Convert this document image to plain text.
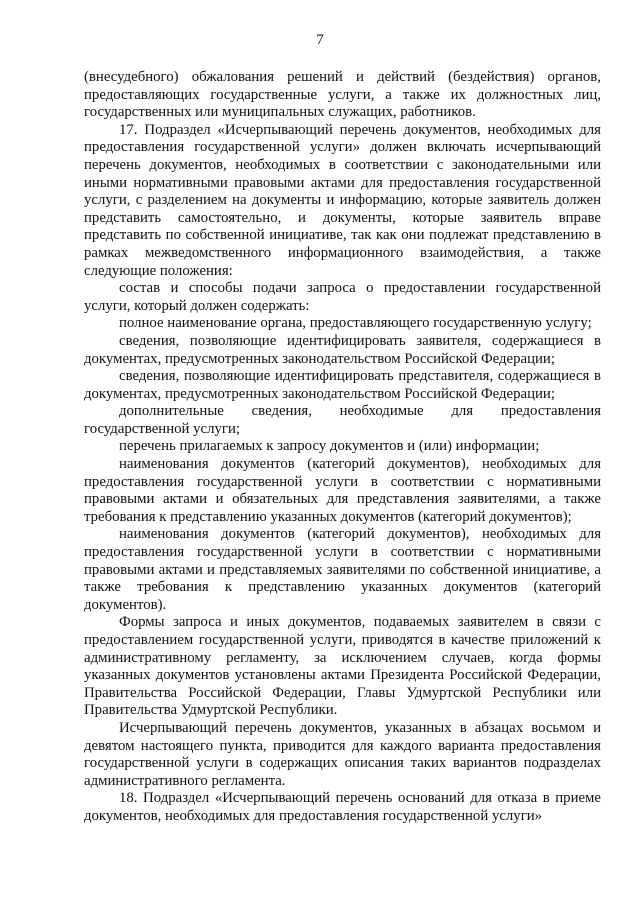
7

(внесудебного) обжалования решений и действий (бездействия) органов, предоставляющих государственные услуги, а также их должностных лиц, государственных или муниципальных служащих, работников.

17. Подраздел «Исчерпывающий перечень документов, необходимых для предоставления государственной услуги» должен включать исчерпывающий перечень документов, необходимых в соответствии с законодательными или иными нормативными правовыми актами для предоставления государственной услуги, с разделением на документы и информацию, которые заявитель должен представить самостоятельно, и документы, которые заявитель вправе представить по собственной инициативе, так как они подлежат представлению в рамках межведомственного информационного взаимодействия, а также следующие положения:

состав и способы подачи запроса о предоставлении государственной услуги, который должен содержать:

полное наименование органа, предоставляющего государственную услугу;

сведения, позволяющие идентифицировать заявителя, содержащиеся в документах, предусмотренных законодательством Российской Федерации;

сведения, позволяющие идентифицировать представителя, содержащиеся в документах, предусмотренных законодательством Российской Федерации;

дополнительные сведения, необходимые для предоставления государственной услуги;

перечень прилагаемых к запросу документов и (или) информации;

наименования документов (категорий документов), необходимых для предоставления государственной услуги в соответствии с нормативными правовыми актами и обязательных для представления заявителями, а также требования к представлению указанных документов (категорий документов);

наименования документов (категорий документов), необходимых для предоставления государственной услуги в соответствии с нормативными правовыми актами и представляемых заявителями по собственной инициативе, а также требования к представлению указанных документов (категорий документов).

Формы запроса и иных документов, подаваемых заявителем в связи с предоставлением государственной услуги, приводятся в качестве приложений к административному регламенту, за исключением случаев, когда формы указанных документов установлены актами Президента Российской Федерации, Правительства Российской Федерации, Главы Удмуртской Республики или Правительства Удмуртской Республики.

Исчерпывающий перечень документов, указанных в абзацах восьмом и девятом настоящего пункта, приводится для каждого варианта предоставления государственной услуги в содержащих описания таких вариантов подразделах административного регламента.

18. Подраздел «Исчерпывающий перечень оснований для отказа в приеме документов, необходимых для предоставления государственной услуги»
